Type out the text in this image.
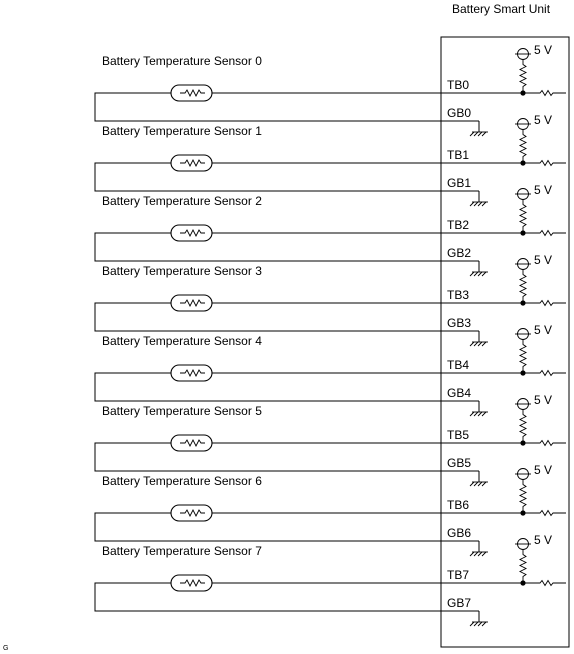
Battery Smart Unit
Battery Temperature Sensor 0
TB0
GB0
5 V
Battery Temperature Sensor 1
TB1
GB1
5 V
Battery Temperature Sensor 2
TB2
GB2
5 V
Battery Temperature Sensor 3
TB3
GB3
5 V
Battery Temperature Sensor 4
TB4
GB4
5 V
Battery Temperature Sensor 5
TB5
GB5
5 V
Battery Temperature Sensor 6
TB6
GB6
5 V
Battery Temperature Sensor 7
TB7
GB7
5 V
G
